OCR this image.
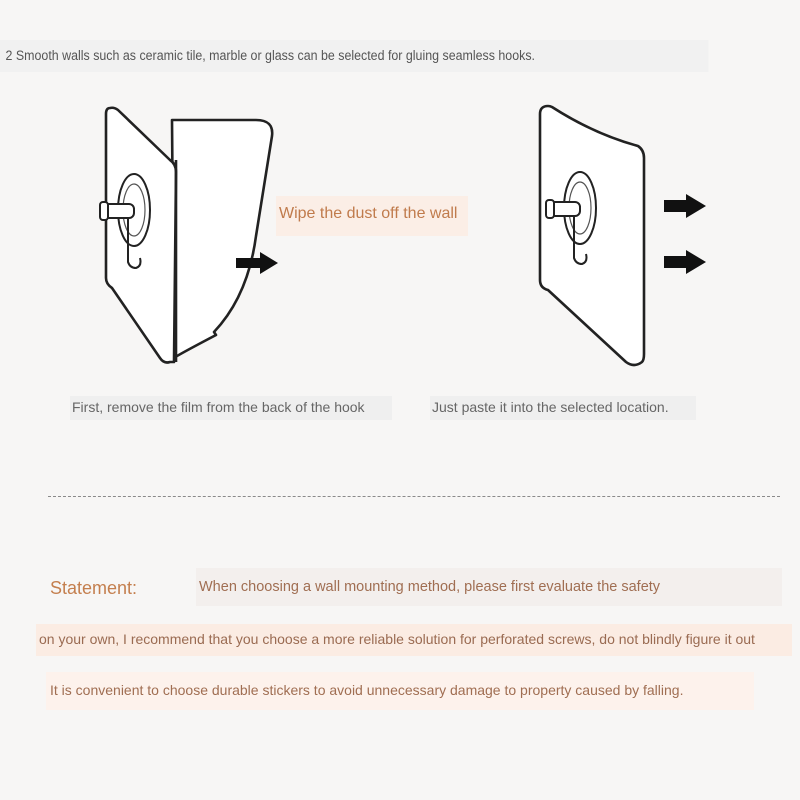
2 Smooth walls such as ceramic tile, marble or glass can be selected for gluing seamless hooks.
Wipe the dust off the wall
First, remove the film from the back of the hook	Just paste it into the selected location.
Statement:	When choosing a wall mounting method, please first evaluate the safety
on your own, I recommend that you choose a more reliable solution for perforated screws, do not blindly figure it out
It is convenient to choose durable stickers to avoid unnecessary damage to property caused by falling.
